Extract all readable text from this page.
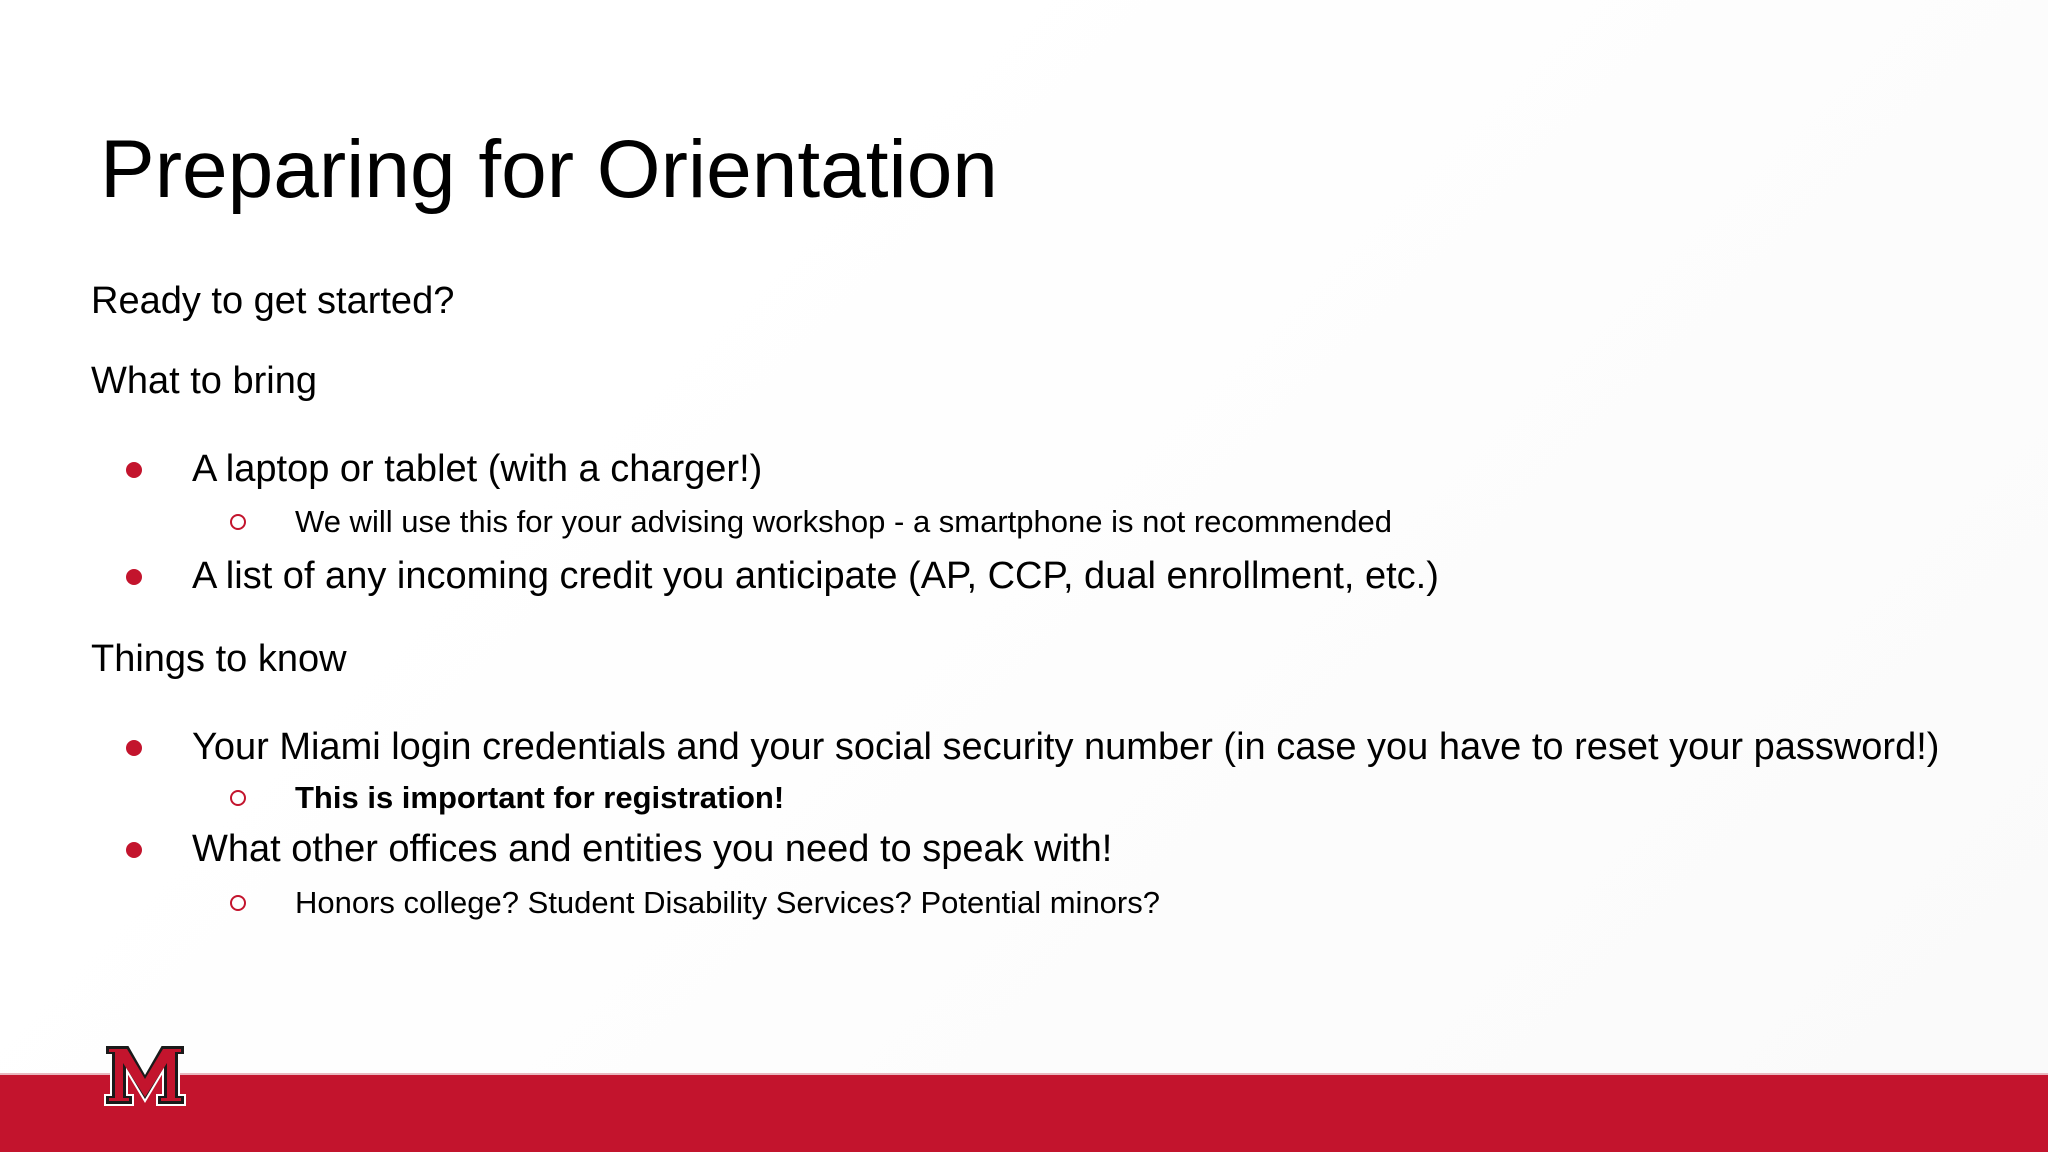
Preparing for Orientation

Ready to get started?

What to bring

A laptop or tablet (with a charger!)
We will use this for your advising workshop - a smartphone is not recommended
A list of any incoming credit you anticipate (AP, CCP, dual enrollment, etc.)

Things to know

Your Miami login credentials and your social security number (in case you have to reset your password!)
This is important for registration!
What other offices and entities you need to speak with!
Honors college? Student Disability Services? Potential minors?
